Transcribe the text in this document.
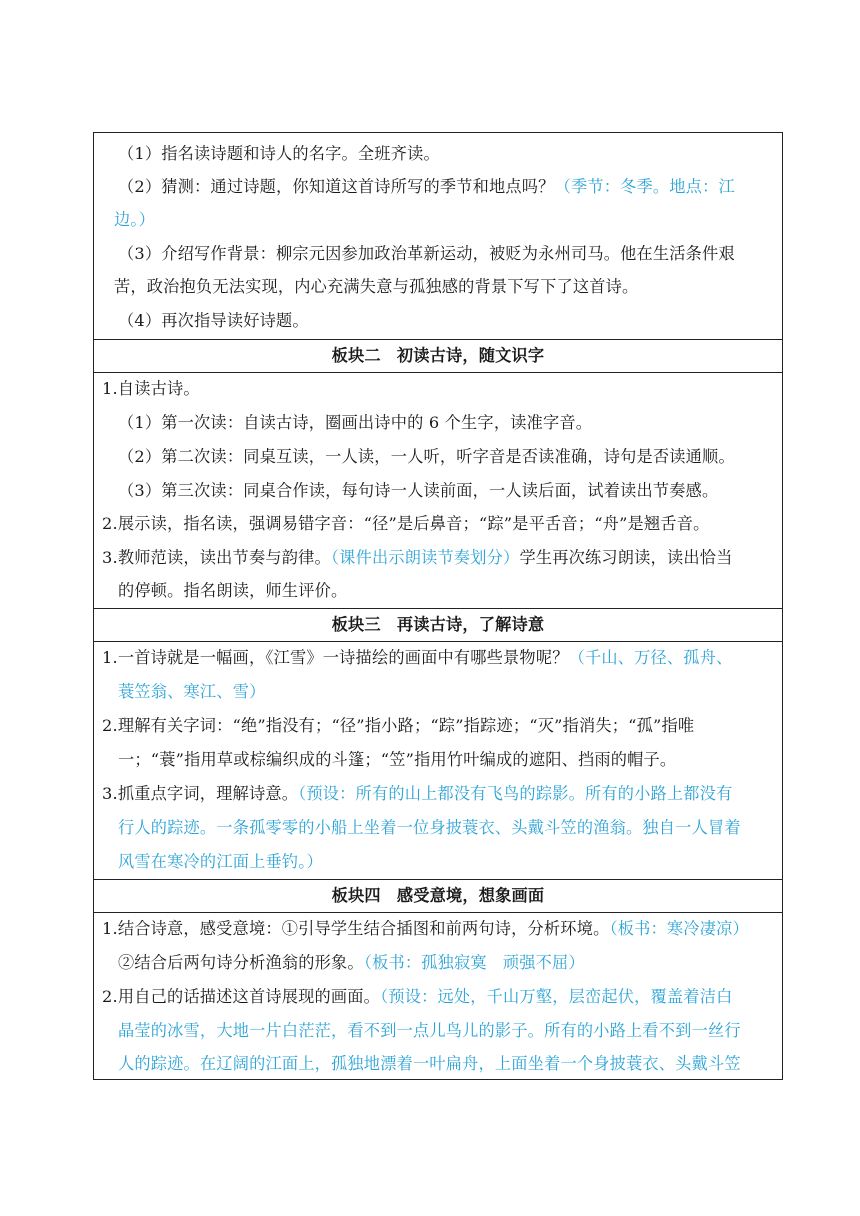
（1）指名读诗题和诗人的名字。全班齐读。
（2）猜测：通过诗题，你知道这首诗所写的季节和地点吗？（季节：冬季。地点：江
边。）
（3）介绍写作背景：柳宗元因参加政治革新运动，被贬为永州司马。他在生活条件艰
苦，政治抱负无法实现，内心充满失意与孤独感的背景下写下了这首诗。
（4）再次指导读好诗题。
板块二 初读古诗，随文识字
1.自读古诗。
（1）第一次读：自读古诗，圈画出诗中的 6 个生字，读准字音。
（2）第二次读：同桌互读，一人读，一人听，听字音是否读准确，诗句是否读通顺。
（3）第三次读：同桌合作读，每句诗一人读前面，一人读后面，试着读出节奏感。
2.展示读，指名读，强调易错字音：“径”是后鼻音；“踪”是平舌音；“舟”是翘舌音。
3.教师范读，读出节奏与韵律。（课件出示朗读节奏划分）学生再次练习朗读，读出恰当
的停顿。指名朗读，师生评价。
板块三 再读古诗，了解诗意
1.一首诗就是一幅画，《江雪》一诗描绘的画面中有哪些景物呢？（千山、万径、孤舟、
蓑笠翁、寒江、雪）
2.理解有关字词：“绝”指没有；“径”指小路；“踪”指踪迹；“灭”指消失；“孤”指唯
一；“蓑”指用草或棕编织成的斗篷；“笠”指用竹叶编成的遮阳、挡雨的帽子。
3.抓重点字词，理解诗意。（预设：所有的山上都没有飞鸟的踪影。所有的小路上都没有
行人的踪迹。一条孤零零的小船上坐着一位身披蓑衣、头戴斗笠的渔翁。独自一人冒着
风雪在寒冷的江面上垂钓。）
板块四 感受意境，想象画面
1.结合诗意，感受意境：①引导学生结合插图和前两句诗，分析环境。（板书：寒冷凄凉）
②结合后两句诗分析渔翁的形象。（板书：孤独寂寞 顽强不屈）
2.用自己的话描述这首诗展现的画面。（预设：远处，千山万壑，层峦起伏，覆盖着洁白
晶莹的冰雪，大地一片白茫茫，看不到一点儿鸟儿的影子。所有的小路上看不到一丝行
人的踪迹。在辽阔的江面上，孤独地漂着一叶扁舟，上面坐着一个身披蓑衣、头戴斗笠
